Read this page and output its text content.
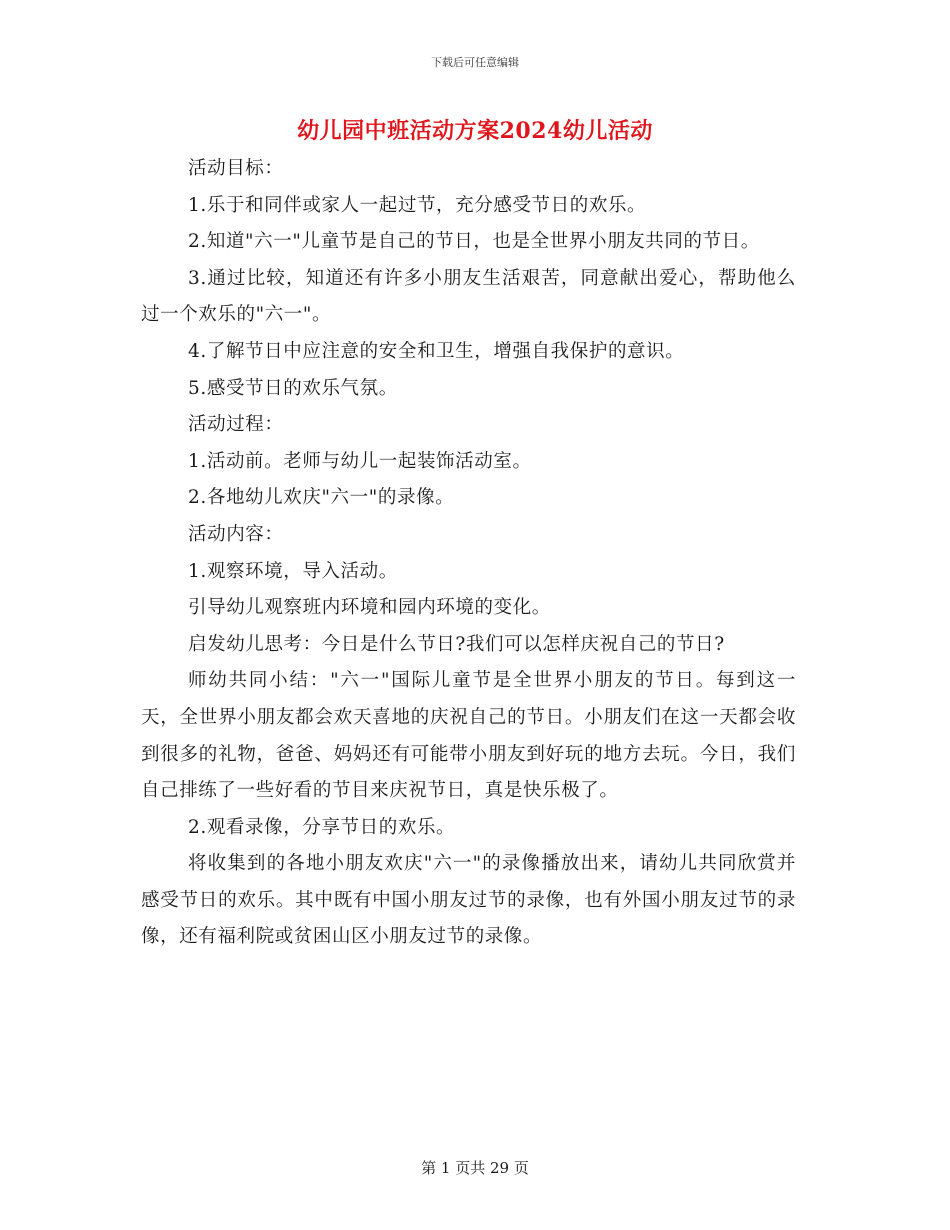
下载后可任意编辑
幼儿园中班活动方案2024幼儿活动

活动目标：

1.乐于和同伴或家人一起过节，充分感受节日的欢乐。

2.知道"六一"儿童节是自己的节日，也是全世界小朋友共同的节日。

3.通过比较，知道还有许多小朋友生活艰苦，同意献出爱心，帮助他么过一个欢乐的"六一"。

4.了解节日中应注意的安全和卫生，增强自我保护的意识。

5.感受节日的欢乐气氛。

活动过程：

1.活动前。老师与幼儿一起装饰活动室。

2.各地幼儿欢庆"六一"的录像。

活动内容：

1.观察环境，导入活动。

引导幼儿观察班内环境和园内环境的变化。

启发幼儿思考：今日是什么节日?我们可以怎样庆祝自己的节日?

师幼共同小结："六一"国际儿童节是全世界小朋友的节日。每到这一天，全世界小朋友都会欢天喜地的庆祝自己的节日。小朋友们在这一天都会收到很多的礼物，爸爸、妈妈还有可能带小朋友到好玩的地方去玩。今日，我们自己排练了一些好看的节目来庆祝节日，真是快乐极了。

2.观看录像，分享节日的欢乐。

将收集到的各地小朋友欢庆"六一"的录像播放出来，请幼儿共同欣赏并感受节日的欢乐。其中既有中国小朋友过节的录像，也有外国小朋友过节的录像，还有福利院或贫困山区小朋友过节的录像。

第 1 页共 29 页
